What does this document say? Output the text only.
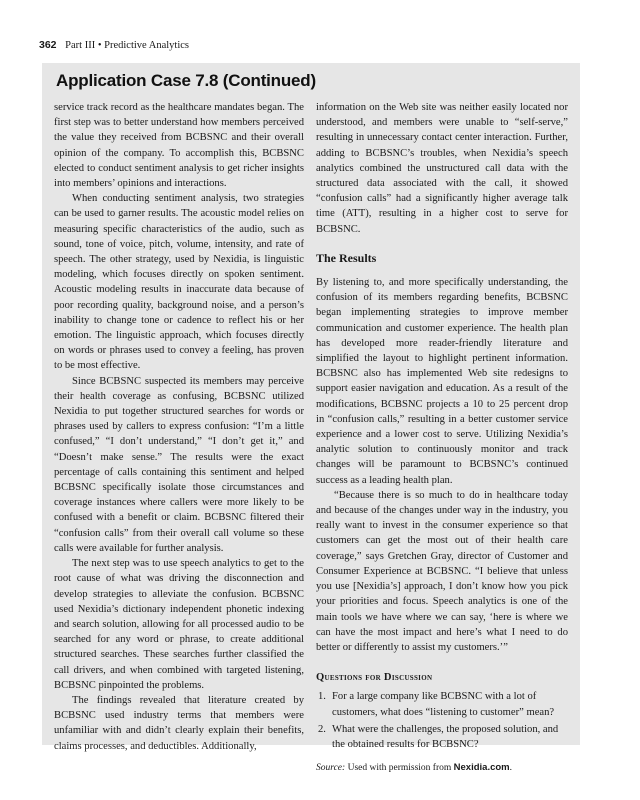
362 Part III • Predictive Analytics
Application Case 7.8 (Continued)

service track record as the healthcare mandates began. The first step was to better understand how members perceived the value they received from BCBSNC and their overall opinion of the company. To accomplish this, BCBSNC elected to conduct sentiment analysis to get richer insights into members’ opinions and interactions.

When conducting sentiment analysis, two strategies can be used to garner results. The acoustic model relies on measuring specific characteristics of the audio, such as sound, tone of voice, pitch, volume, intensity, and rate of speech. The other strategy, used by Nexidia, is linguistic modeling, which focuses directly on spoken sentiment. Acoustic modeling results in inaccurate data because of poor recording quality, background noise, and a person’s inability to change tone or cadence to reflect his or her emotion. The linguistic approach, which focuses directly on words or phrases used to convey a feeling, has proven to be most effective.

Since BCBSNC suspected its members may perceive their health coverage as confusing, BCBSNC utilized Nexidia to put together structured searches for words or phrases used by callers to express confusion: “I’m a little confused,” “I don’t understand,” “I don’t get it,” and “Doesn’t make sense.” The results were the exact percentage of calls containing this sentiment and helped BCBSNC specifically isolate those circumstances and coverage instances where callers were more likely to be confused with a benefit or claim. BCBSNC filtered their “confusion calls” from their overall call volume so these calls were available for further analysis.

The next step was to use speech analytics to get to the root cause of what was driving the disconnection and develop strategies to alleviate the confusion. BCBSNC used Nexidia’s dictionary independent phonetic indexing and search solution, allowing for all processed audio to be searched for any word or phrase, to create additional structured searches. These searches further classified the call drivers, and when combined with targeted listening, BCBSNC pinpointed the problems.

The findings revealed that literature created by BCBSNC used industry terms that members were unfamiliar with and didn’t clearly explain their benefits, claims processes, and deductibles. Additionally,

information on the Web site was neither easily located nor understood, and members were unable to “self-serve,” resulting in unnecessary contact center interaction. Further, adding to BCBSNC’s troubles, when Nexidia’s speech analytics combined the unstructured call data with the structured data associated with the call, it showed “confusion calls” had a significantly higher average talk time (ATT), resulting in a higher cost to serve for BCBSNC.

The Results

By listening to, and more specifically understanding, the confusion of its members regarding benefits, BCBSNC began implementing strategies to improve member communication and customer experience. The health plan has developed more reader-friendly literature and simplified the layout to highlight pertinent information. BCBSNC also has implemented Web site redesigns to support easier navigation and education. As a result of the modifications, BCBSNC projects a 10 to 25 percent drop in “confusion calls,” resulting in a better customer service experience and a lower cost to serve. Utilizing Nexidia’s analytic solution to continuously monitor and track changes will be paramount to BCBSNC’s continued success as a leading health plan.

“Because there is so much to do in healthcare today and because of the changes under way in the industry, you really want to invest in the consumer experience so that customers can get the most out of their health care coverage,” says Gretchen Gray, director of Customer and Consumer Experience at BCBSNC. “I believe that unless you use [Nexidia’s] approach, I don’t know how you pick your priorities and focus. Speech analytics is one of the main tools we have where we can say, ‘here is where we can have the most impact and here’s what I need to do better or differently to assist my customers.’”

Questions for Discussion
1. For a large company like BCBSNC with a lot of customers, what does “listening to customer” mean?
2. What were the challenges, the proposed solution, and the obtained results for BCBSNC?
Source: Used with permission from Nexidia.com.
